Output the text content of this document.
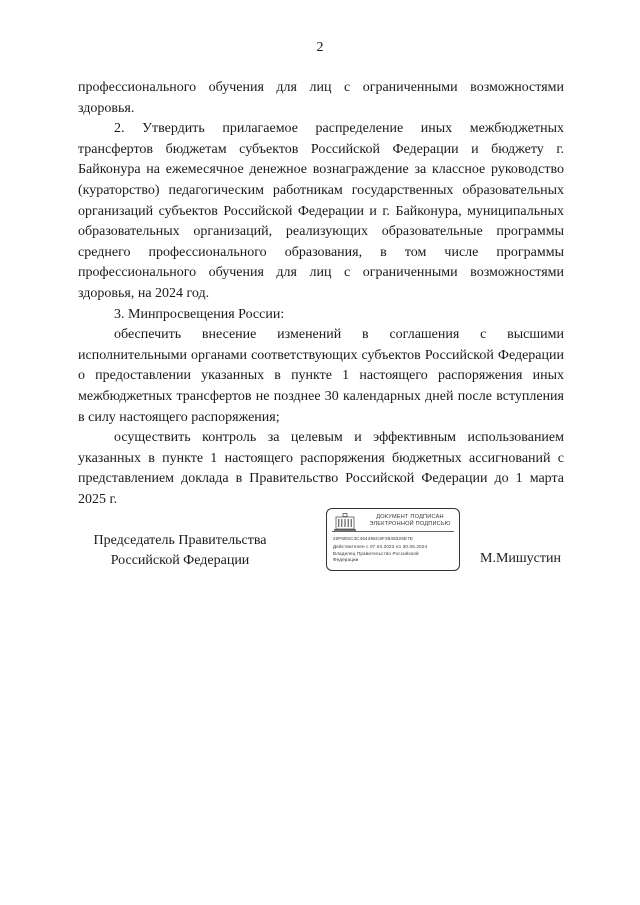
2

профессионального обучения для лиц с ограниченными возможностями здоровья.

2. Утвердить прилагаемое распределение иных межбюджетных трансфертов бюджетам субъектов Российской Федерации и бюджету г. Байконура на ежемесячное денежное вознаграждение за классное руководство (кураторство) педагогическим работникам государственных образовательных организаций субъектов Российской Федерации и г. Байконура, муниципальных образовательных организаций, реализующих образовательные программы среднего профессионального образования, в том числе программы профессионального обучения для лиц с ограниченными возможностями здоровья, на 2024 год.

3. Минпросвещения России:

обеспечить внесение изменений в соглашения с высшими исполнительными органами соответствующих субъектов Российской Федерации о предоставлении указанных в пункте 1 настоящего распоряжения иных межбюджетных трансфертов не позднее 30 календарных дней после вступления в силу настоящего распоряжения;

осуществить контроль за целевым и эффективным использованием указанных в пункте 1 настоящего распоряжения бюджетных ассигнований с представлением доклада в Правительство Российской Федерации до 1 марта 2025 г.

Председатель Правительства
Российской Федерации
ДОКУМЕНТ ПОДПИСАН
ЭЛЕКТРОННОЙ ПОДПИСЬЮ
20F6E5C3C464366C6F3646326E7E
Действителен с 07.03.2023 по 30.05.2024
Владелец Правительство Российской
Федерации	М.Мишустин
